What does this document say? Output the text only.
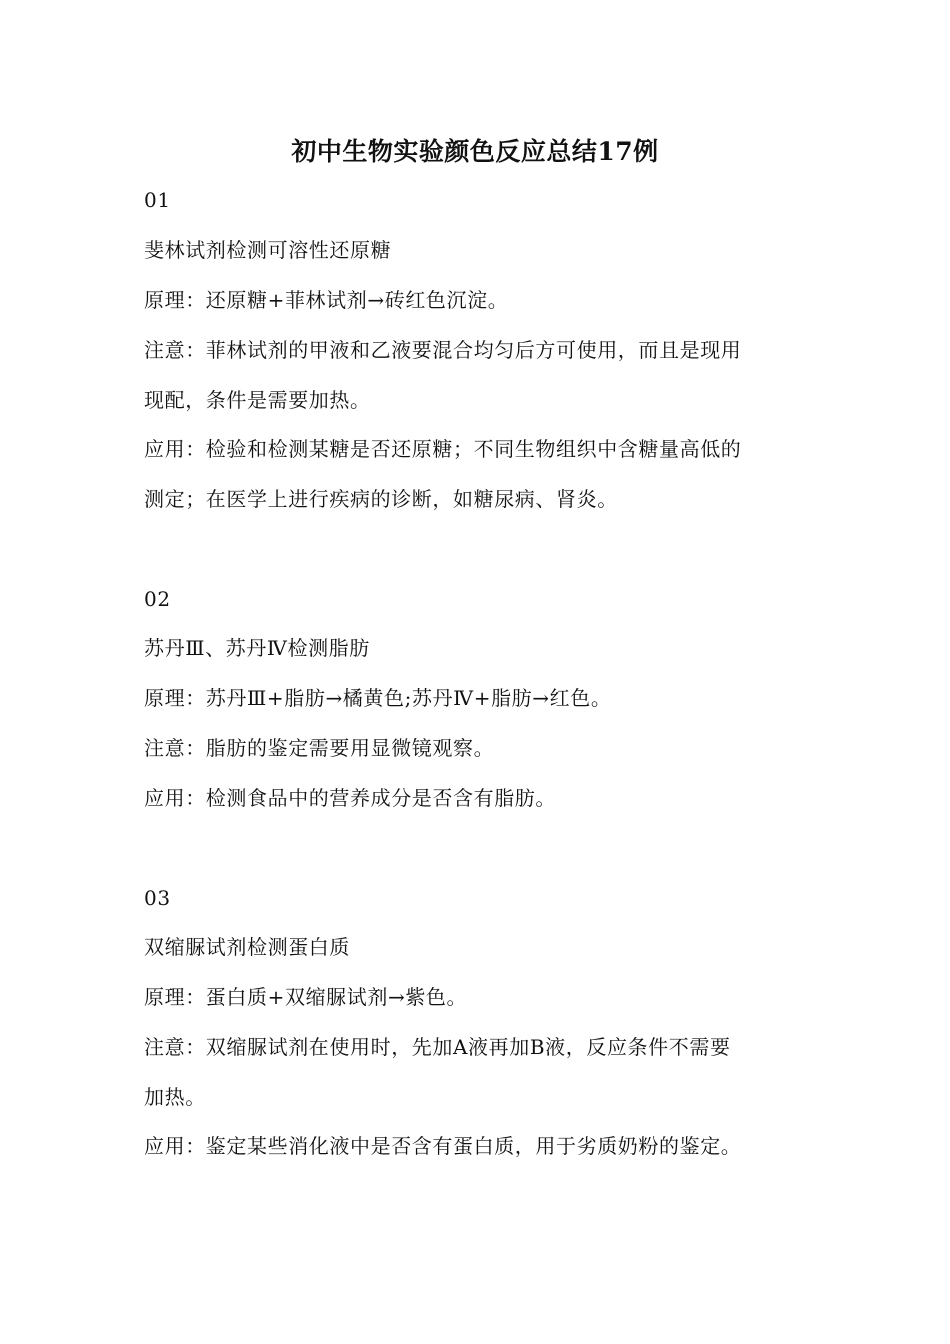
初中生物实验颜色反应总结17例
01
斐林试剂检测可溶性还原糖
原理：还原糖+菲林试剂→砖红色沉淀。
注意：菲林试剂的甲液和乙液要混合均匀后方可使用，而且是现用
现配，条件是需要加热。
应用：检验和检测某糖是否还原糖；不同生物组织中含糖量高低的
测定；在医学上进行疾病的诊断，如糖尿病、肾炎。
02
苏丹Ⅲ、苏丹Ⅳ检测脂肪
原理：苏丹Ⅲ+脂肪→橘黄色;苏丹Ⅳ+脂肪→红色。
注意：脂肪的鉴定需要用显微镜观察。
应用：检测食品中的营养成分是否含有脂肪。
03
双缩脲试剂检测蛋白质
原理：蛋白质+双缩脲试剂→紫色。
注意：双缩脲试剂在使用时，先加A液再加B液，反应条件不需要
加热。
应用：鉴定某些消化液中是否含有蛋白质，用于劣质奶粉的鉴定。
